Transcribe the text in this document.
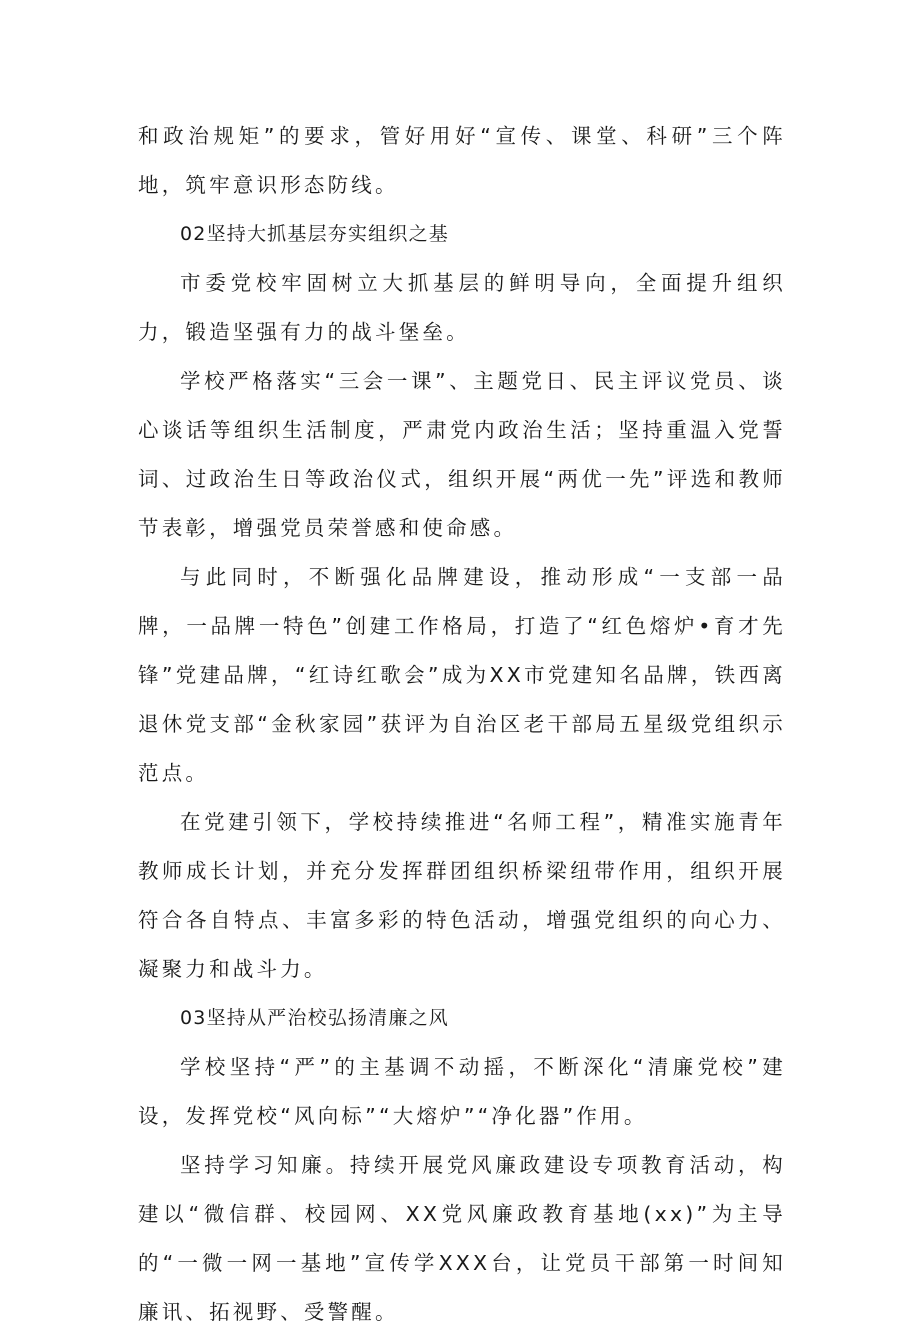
和政治规矩”的要求，管好用好“宣传、课堂、科研”三个阵地，筑牢意识形态防线。

02坚持大抓基层夯实组织之基

市委党校牢固树立大抓基层的鲜明导向，全面提升组织力，锻造坚强有力的战斗堡垒。

学校严格落实“三会一课”、主题党日、民主评议党员、谈心谈话等组织生活制度，严肃党内政治生活；坚持重温入党誓词、过政治生日等政治仪式，组织开展“两优一先”评选和教师节表彰，增强党员荣誉感和使命感。

与此同时，不断强化品牌建设，推动形成“一支部一品牌，一品牌一特色”创建工作格局，打造了“红色熔炉•育才先锋”党建品牌，“红诗红歌会”成为XX市党建知名品牌，铁西离退休党支部“金秋家园”获评为自治区老干部局五星级党组织示范点。

在党建引领下，学校持续推进“名师工程”，精准实施青年教师成长计划，并充分发挥群团组织桥梁纽带作用，组织开展符合各自特点、丰富多彩的特色活动，增强党组织的向心力、凝聚力和战斗力。

03坚持从严治校弘扬清廉之风

学校坚持“严”的主基调不动摇，不断深化“清廉党校”建设，发挥党校“风向标”“大熔炉”“净化器”作用。

坚持学习知廉。持续开展党风廉政建设专项教育活动，构建以“微信群、校园网、XX党风廉政教育基地(xx)”为主导的“一微一网一基地”宣传学XXX台，让党员干部第一时间知廉讯、拓视野、受警醒。
